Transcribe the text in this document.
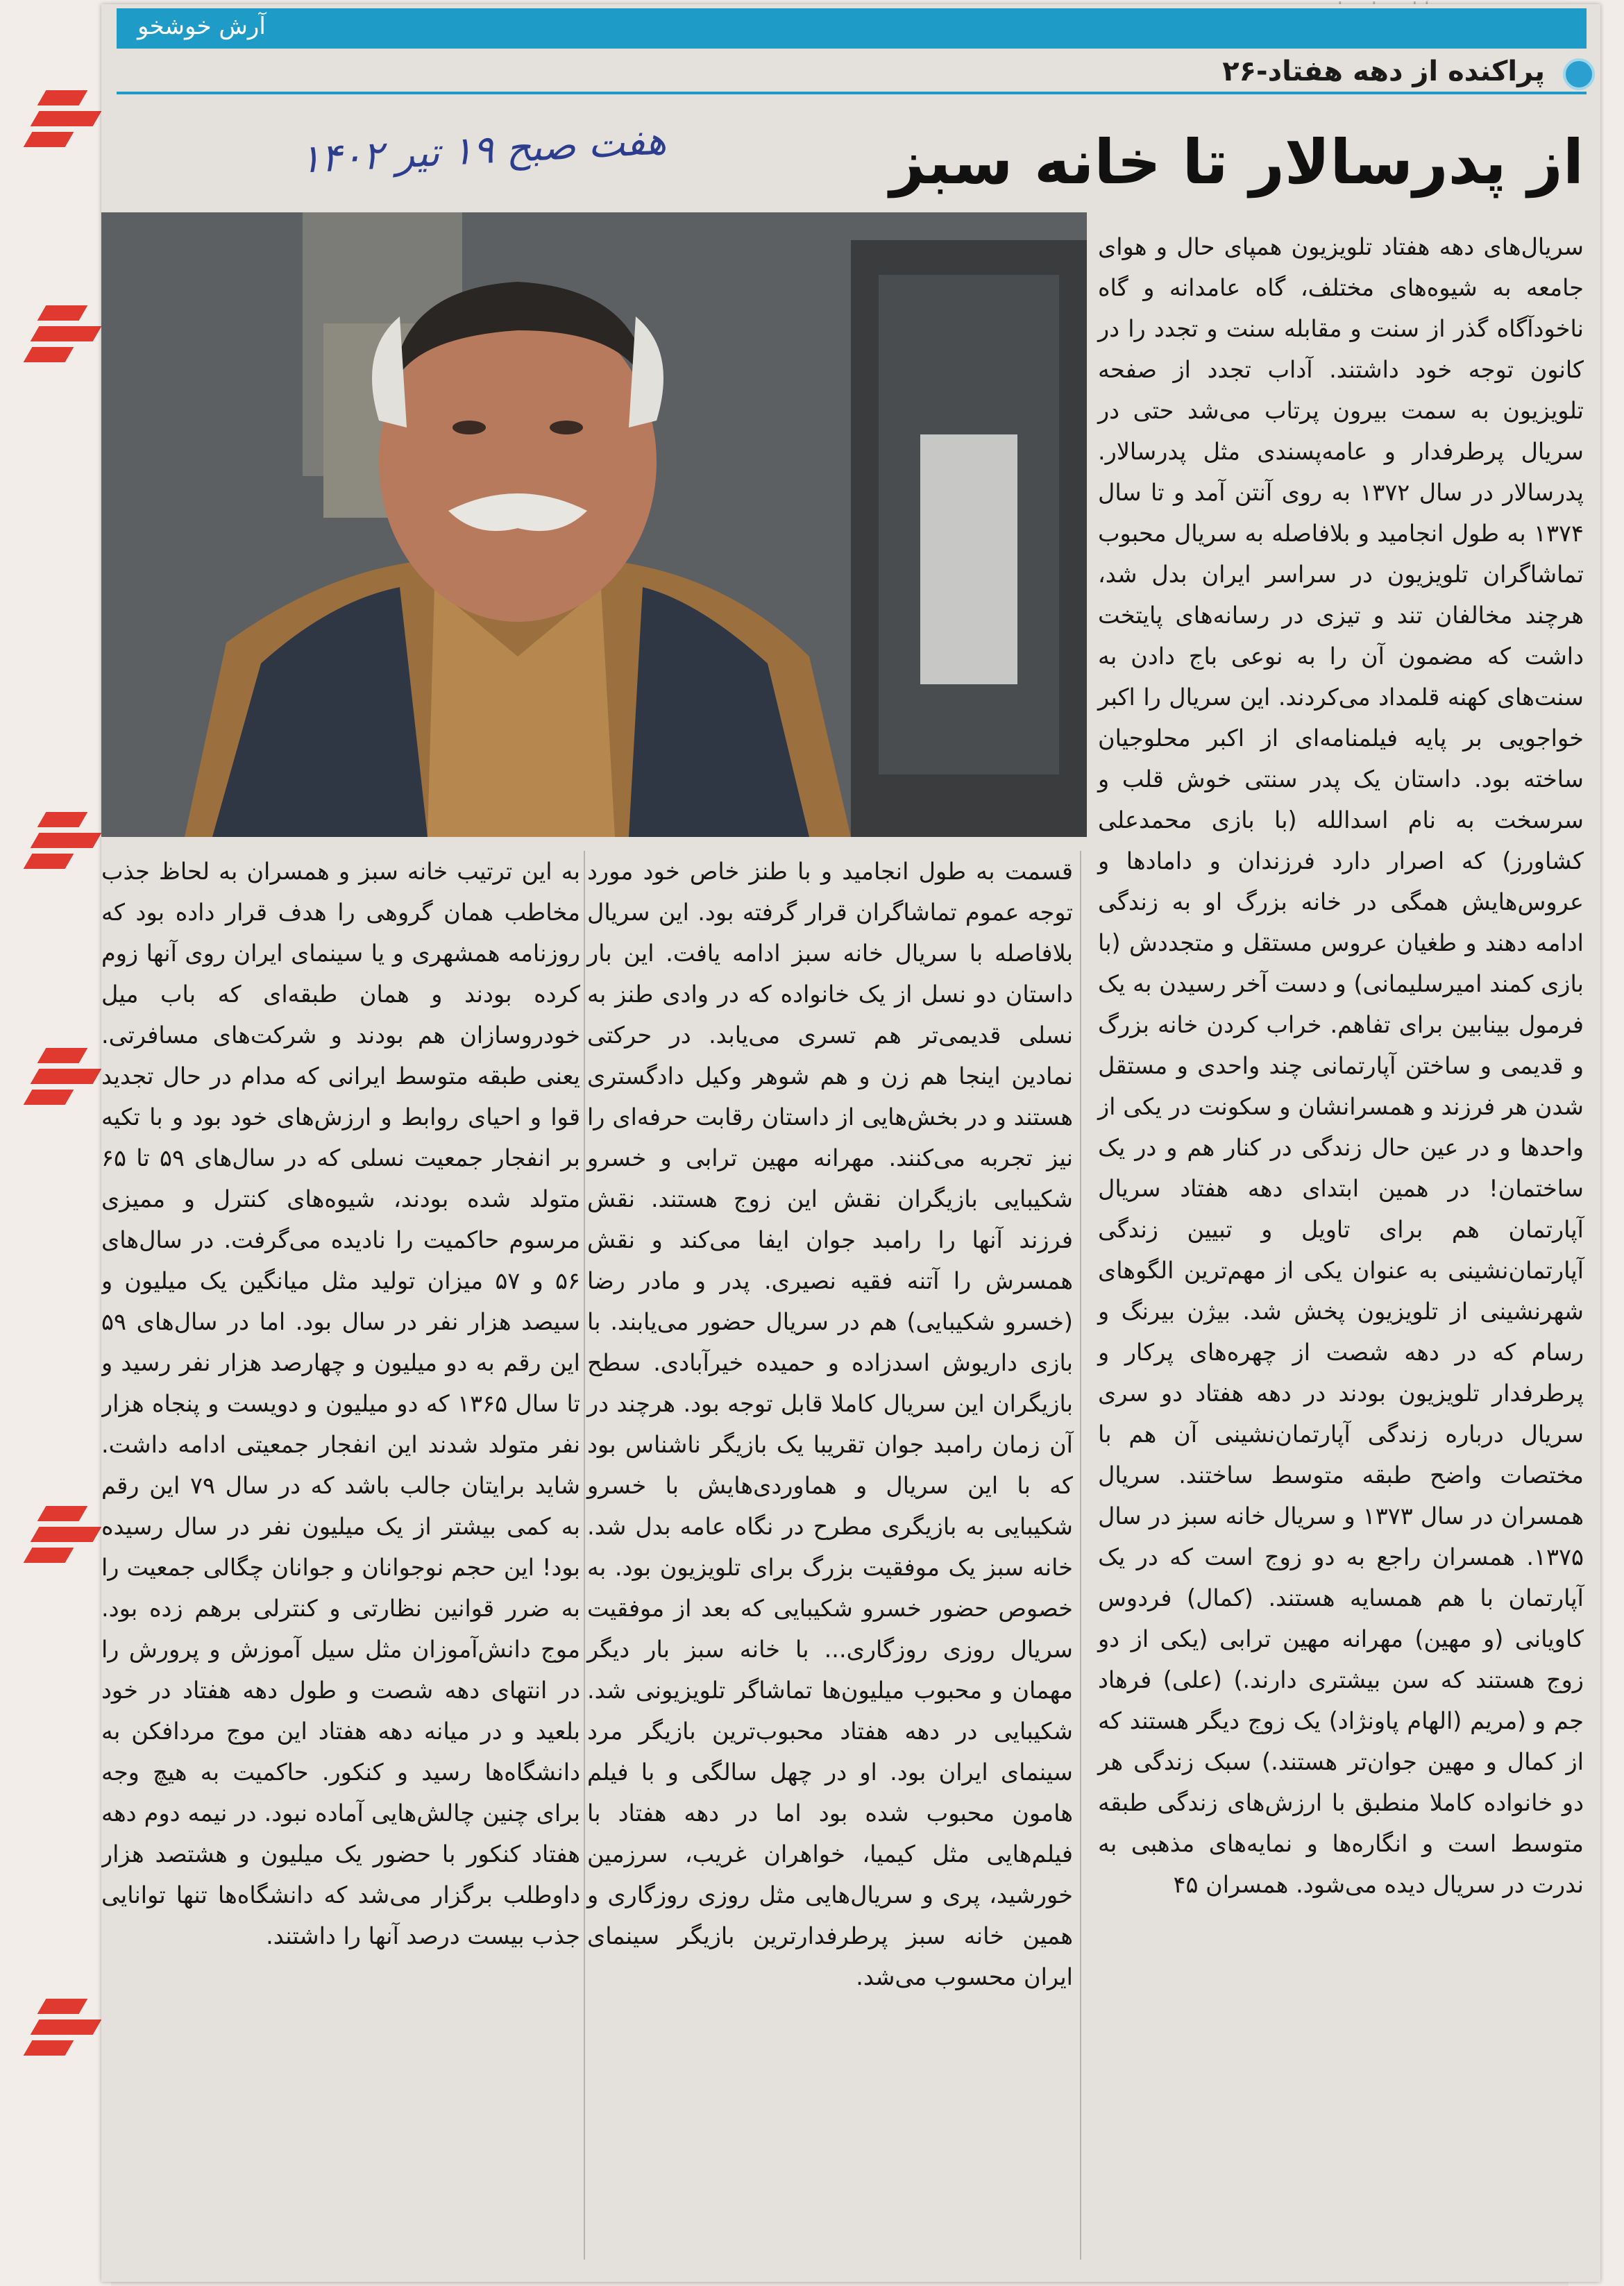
آرش خوشخو
پراکنده از دهه هفتاد-۲۶
هفت صبح ۱۹ تیر ۱۴۰۲	از پدرسالار تا خانه سبز

سریال‌های دهه هفتاد تلویزیون همپای حال و هوای جامعه به شیوه‌های مختلف، گاه عامدانه و گاه ناخودآگاه گذر از سنت و مقابله سنت و تجدد را در کانون توجه خود داشتند. آداب تجدد از صفحه تلویزیون به سمت بیرون پرتاب می‌شد حتی در سریال پرطرفدار و عامه‌پسندی مثل پدرسالار. پدرسالار در سال ۱۳۷۲ به روی آنتن آمد و تا سال ۱۳۷۴ به طول انجامید و بلافاصله به سریال محبوب تماشاگران تلویزیون در سراسر ایران بدل شد، هرچند مخالفان تند و تیزی در رسانه‌های پایتخت داشت که مضمون آن را به نوعی باج دادن به سنت‌های کهنه قلمداد می‌کردند. این سریال را اکبر خواجویی بر پایه فیلمنامه‌ای از اکبر محلوجیان ساخته بود. داستان یک پدر سنتی خوش قلب و سرسخت به نام اسدالله (با بازی محمدعلی کشاورز) که اصرار دارد فرزندان و دامادها و عروس‌هایش همگی در خانه بزرگ او به زندگی ادامه دهند و طغیان عروس مستقل و متجددش (با بازی کمند امیرسلیمانی) و دست آخر رسیدن به یک فرمول بینابین برای تفاهم. خراب کردن خانه بزرگ و قدیمی و ساختن آپارتمانی چند واحدی و مستقل شدن هر فرزند و همسرانشان و سکونت در یکی از واحدها و در عین حال زندگی در کنار هم و در یک ساختمان! در همین ابتدای دهه هفتاد سریال آپارتمان هم برای تاویل و تبیین زندگی آپارتمان‌نشینی به عنوان یکی از مهم‌ترین الگوهای شهرنشینی از تلویزیون پخش شد. بیژن بیرنگ و رسام که در دهه شصت از چهره‌های پرکار و پرطرفدار تلویزیون بودند در دهه هفتاد دو سری سریال درباره زندگی آپارتمان‌نشینی آن هم با مختصات واضح طبقه متوسط ساختند. سریال همسران در سال ۱۳۷۳ و سریال خانه سبز در سال ۱۳۷۵. همسران راجع به دو زوج است که در یک آپارتمان با هم همسایه هستند. (کمال) فردوس کاویانی (و مهین) مهرانه مهین ترابی (یکی از دو زوج هستند که سن بیشتری دارند.) (علی) فرهاد جم و (مریم (الهام پاونژاد) یک زوج دیگر هستند که از کمال و مهین جوان‌تر هستند.) سبک زندگی هر دو خانواده کاملا منطبق با ارزش‌های زندگی طبقه متوسط است و انگاره‌ها و نمایه‌های مذهبی به ندرت در سریال دیده می‌شود. همسران ۴۵

قسمت به طول انجامید و با طنز خاص خود مورد توجه عموم تماشاگران قرار گرفته بود. این سریال بلافاصله با سریال خانه سبز ادامه یافت. این بار داستان دو نسل از یک خانواده که در وادی طنز به نسلی قدیمی‌تر هم تسری می‌یابد. در حرکتی نمادین اینجا هم زن و هم شوهر وکیل دادگستری هستند و در بخش‌هایی از داستان رقابت حرفه‌ای را نیز تجربه می‌کنند. مهرانه مهین ترابی و خسرو شکیبایی بازیگران نقش این زوج هستند. نقش فرزند آنها را رامبد جوان ایفا می‌کند و نقش همسرش را آتنه فقیه نصیری. پدر و مادر رضا (خسرو شکیبایی) هم در سریال حضور می‌یابند. با بازی داریوش اسدزاده و حمیده خیرآبادی. سطح بازیگران این سریال کاملا قابل توجه بود. هرچند در آن زمان رامبد جوان تقریبا یک بازیگر ناشناس بود که با این سریال و هماوردی‌هایش با خسرو شکیبایی به بازیگری مطرح در نگاه عامه بدل شد. خانه سبز یک موفقیت بزرگ برای تلویزیون بود. به خصوص حضور خسرو شکیبایی که بعد از موفقیت سریال روزی روزگاری... با خانه سبز بار دیگر مهمان و محبوب میلیون‌ها تماشاگر تلویزیونی شد. شکیبایی در دهه هفتاد محبوب‌ترین بازیگر مرد سینمای ایران بود. او در چهل سالگی و با فیلم هامون محبوب شده بود اما در دهه هفتاد با فیلم‌هایی مثل کیمیا، خواهران غریب، سرزمین خورشید، پری و سریال‌هایی مثل روزی روزگاری و همین خانه سبز پرطرفدارترین بازیگر سینمای ایران محسوب می‌شد.

به این ترتیب خانه سبز و همسران به لحاظ جذب مخاطب همان گروهی را هدف قرار داده بود که روزنامه همشهری و یا سینمای ایران روی آنها زوم کرده بودند و همان طبقه‌ای که باب میل خودروسازان هم بودند و شرکت‌های مسافرتی. یعنی طبقه متوسط ایرانی که مدام در حال تجدید قوا و احیای روابط و ارزش‌های خود بود و با تکیه بر انفجار جمعیت نسلی که در سال‌های ۵۹ تا ۶۵ متولد شده بودند، شیوه‌های کنترل و ممیزی مرسوم حاکمیت را نادیده می‌گرفت. در سال‌های ۵۶ و ۵۷ میزان تولید مثل میانگین یک میلیون و سیصد هزار نفر در سال بود. اما در سال‌های ۵۹ این رقم به دو میلیون و چهارصد هزار نفر رسید و تا سال ۱۳۶۵ که دو میلیون و دویست و پنجاه هزار نفر متولد شدند این انفجار جمعیتی ادامه داشت. شاید برایتان جالب باشد که در سال ۷۹ این رقم به کمی بیشتر از یک میلیون نفر در سال رسیده بود! این حجم نوجوانان و جوانان چگالی جمعیت را به ضرر قوانین نظارتی و کنترلی برهم زده بود. موج دانش‌آموزان مثل سیل آموزش و پرورش را در انتهای دهه شصت و طول دهه هفتاد در خود بلعید و در میانه دهه هفتاد این موج مردافکن به دانشگاه‌ها رسید و کنکور. حاکمیت به هیچ وجه برای چنین چالش‌هایی آماده نبود. در نیمه دوم دهه هفتاد کنکور با حضور یک میلیون و هشتصد هزار داوطلب برگزار می‌شد که دانشگاه‌ها تنها توانایی جذب بیست درصد آنها را داشتند.
